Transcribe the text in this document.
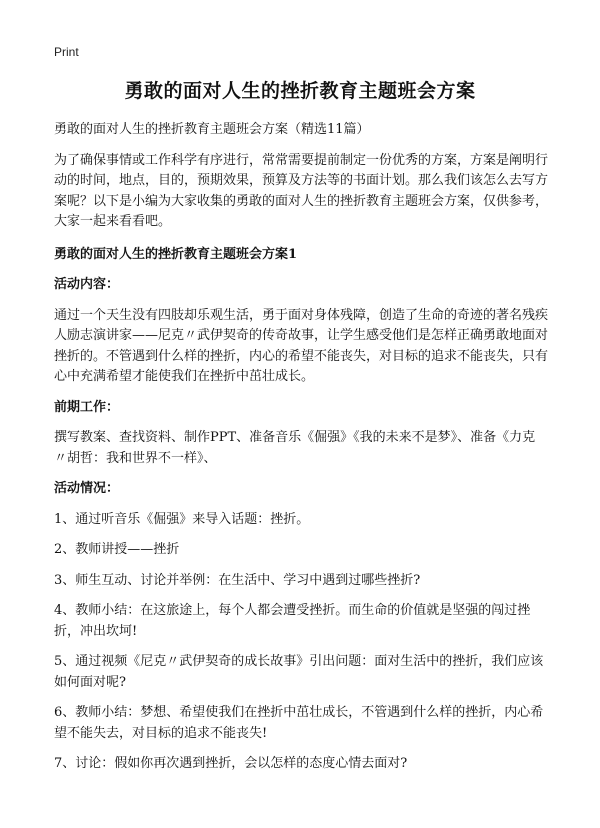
Print
勇敢的面对人生的挫折教育主题班会方案

勇敢的面对人生的挫折教育主题班会方案（精选11篇）

为了确保事情或工作科学有序进行，常常需要提前制定一份优秀的方案，方案是阐明行动的时间，地点，目的，预期效果，预算及方法等的书面计划。那么我们该怎么去写方案呢？以下是小编为大家收集的勇敢的面对人生的挫折教育主题班会方案，仅供参考，大家一起来看看吧。

勇敢的面对人生的挫折教育主题班会方案1

活动内容：

通过一个天生没有四肢却乐观生活，勇于面对身体残障，创造了生命的奇迹的著名残疾人励志演讲家——尼克〃武伊契奇的传奇故事，让学生感受他们是怎样正确勇敢地面对挫折的。不管遇到什么样的挫折，内心的希望不能丧失，对目标的追求不能丧失，只有心中充满希望才能使我们在挫折中茁壮成长。

前期工作：

撰写教案、查找资料、制作PPT、准备音乐《倔强》《我的未来不是梦》、准备《力克〃胡哲：我和世界不一样》、

活动情况：

1、通过听音乐《倔强》来导入话题：挫折。

2、教师讲授——挫折

3、师生互动、讨论并举例：在生活中、学习中遇到过哪些挫折?

4、教师小结：在这旅途上，每个人都会遭受挫折。而生命的价值就是坚强的闯过挫折，冲出坎坷!

5、通过视频《尼克〃武伊契奇的成长故事》引出问题：面对生活中的挫折，我们应该如何面对呢?

6、教师小结：梦想、希望使我们在挫折中茁壮成长，不管遇到什么样的挫折，内心希望不能失去，对目标的追求不能丧失!

7、讨论：假如你再次遇到挫折，会以怎样的态度心情去面对?
